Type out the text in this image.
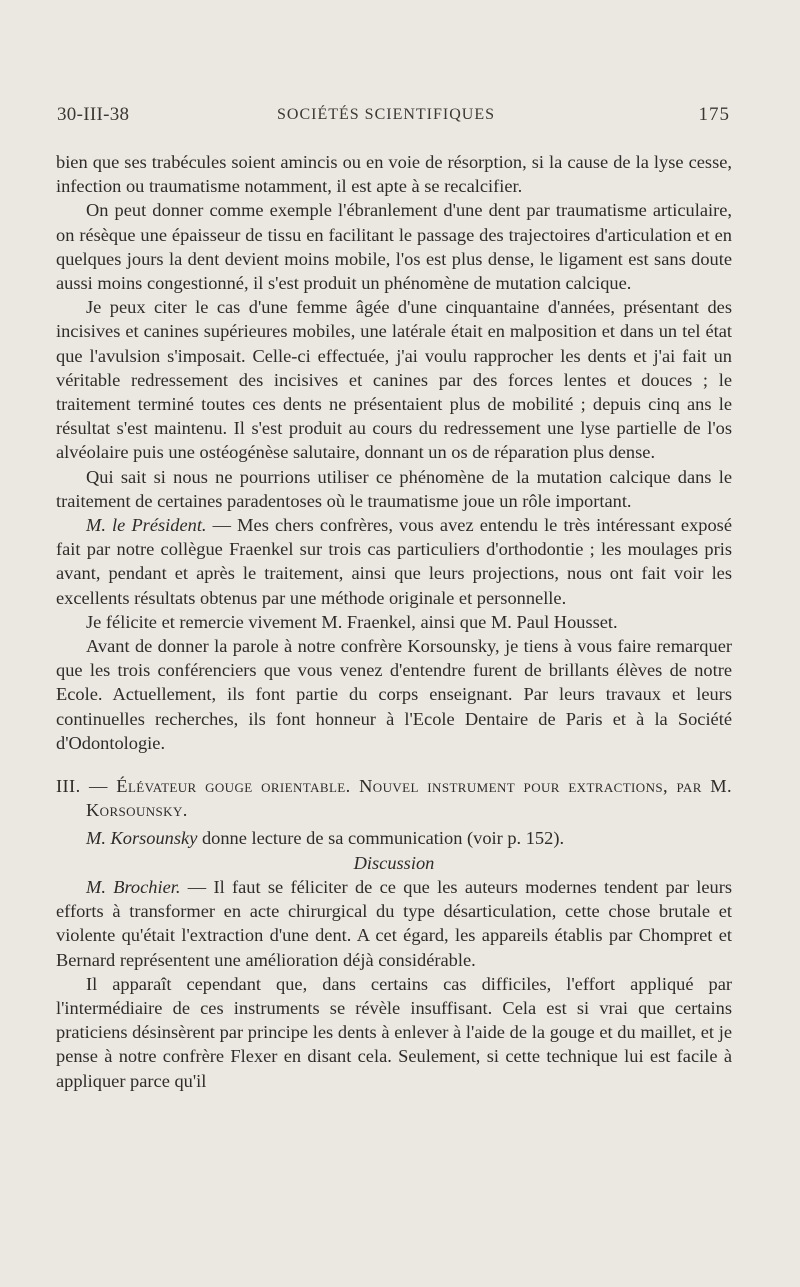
30-III-38	SOCIÉTÉS SCIENTIFIQUES	175

bien que ses trabécules soient amincis ou en voie de résorption, si la cause de la lyse cesse, infection ou traumatisme notamment, il est apte à se recalcifier.

On peut donner comme exemple l'ébranlement d'une dent par traumatisme articulaire, on résèque une épaisseur de tissu en facilitant le passage des trajectoires d'articulation et en quelques jours la dent devient moins mobile, l'os est plus dense, le ligament est sans doute aussi moins congestionné, il s'est produit un phénomène de mutation calcique.

Je peux citer le cas d'une femme âgée d'une cinquantaine d'années, présentant des incisives et canines supérieures mobiles, une latérale était en malposition et dans un tel état que l'avulsion s'imposait. Celle-ci effectuée, j'ai voulu rapprocher les dents et j'ai fait un véritable redressement des incisives et canines par des forces lentes et douces ; le traitement terminé toutes ces dents ne présentaient plus de mobilité ; depuis cinq ans le résultat s'est maintenu. Il s'est produit au cours du redressement une lyse partielle de l'os alvéolaire puis une ostéogénèse salutaire, donnant un os de réparation plus dense.

Qui sait si nous ne pourrions utiliser ce phénomène de la mutation calcique dans le traitement de certaines paradentoses où le traumatisme joue un rôle important.

M. le Président. — Mes chers confrères, vous avez entendu le très intéressant exposé fait par notre collègue Fraenkel sur trois cas particuliers d'orthodontie ; les moulages pris avant, pendant et après le traitement, ainsi que leurs projections, nous ont fait voir les excellents résultats obtenus par une méthode originale et personnelle.

Je félicite et remercie vivement M. Fraenkel, ainsi que M. Paul Housset.

Avant de donner la parole à notre confrère Korsounsky, je tiens à vous faire remarquer que les trois conférenciers que vous venez d'entendre furent de brillants élèves de notre Ecole. Actuellement, ils font partie du corps enseignant. Par leurs travaux et leurs continuelles recherches, ils font honneur à l'Ecole Dentaire de Paris et à la Société d'Odontologie.

III. — Élévateur gouge orientable. Nouvel instrument pour extractions, par M. Korsounsky.

M. Korsounsky donne lecture de sa communication (voir p. 152).

Discussion

M. Brochier. — Il faut se féliciter de ce que les auteurs modernes tendent par leurs efforts à transformer en acte chirurgical du type désarticulation, cette chose brutale et violente qu'était l'extraction d'une dent. A cet égard, les appareils établis par Chompret et Bernard représentent une amélioration déjà considérable.

Il apparaît cependant que, dans certains cas difficiles, l'effort appliqué par l'intermédiaire de ces instruments se révèle insuffisant. Cela est si vrai que certains praticiens désinsèrent par principe les dents à enlever à l'aide de la gouge et du maillet, et je pense à notre confrère Flexer en disant cela. Seulement, si cette technique lui est facile à appliquer parce qu'il
